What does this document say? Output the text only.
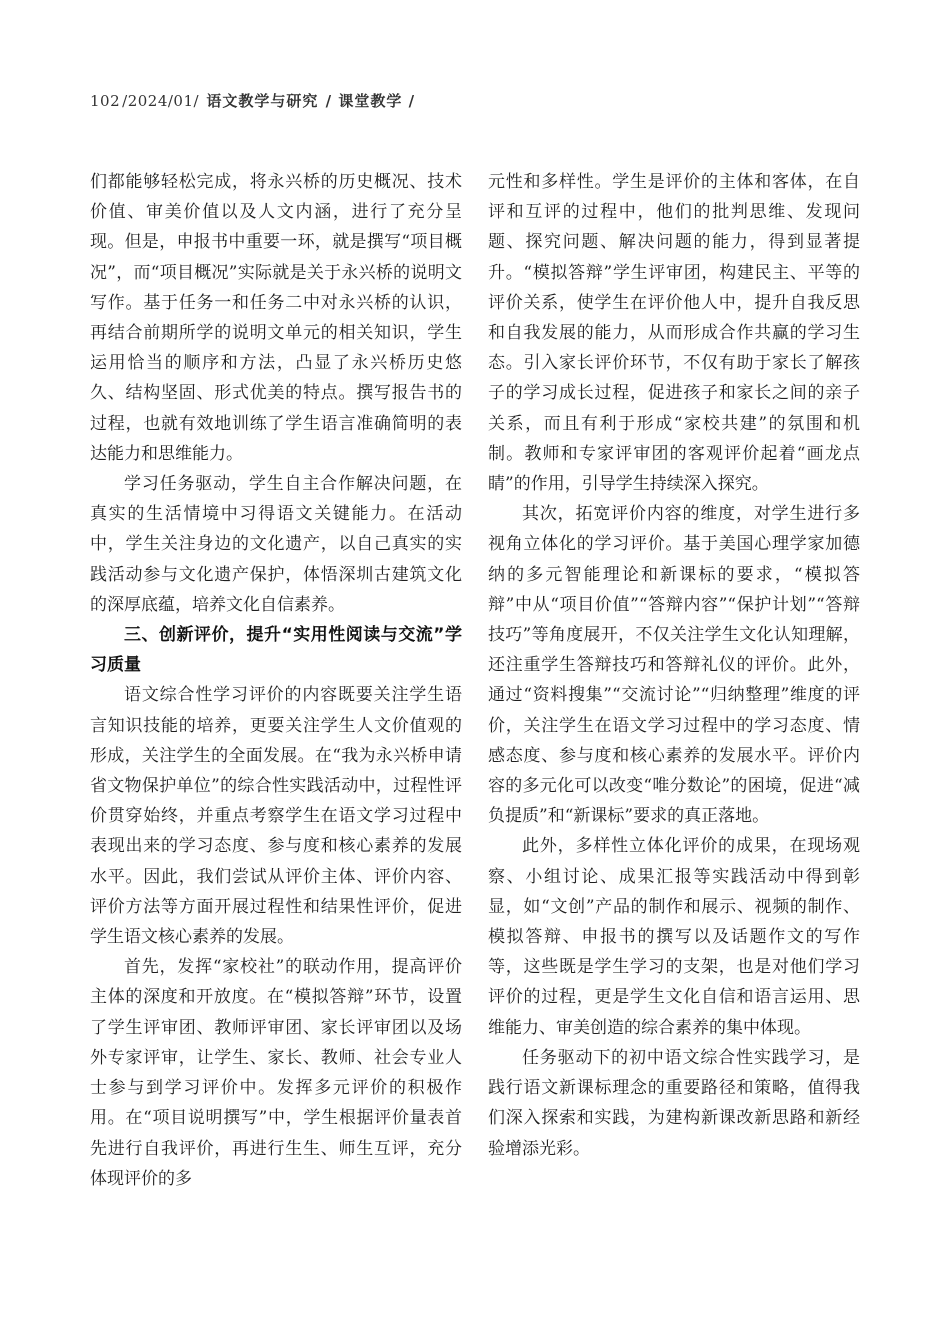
102 /2024/01/ 语文教学与研究 / 课堂教学 /

们都能够轻松完成，将永兴桥的历史概况、技术价值、审美价值以及人文内涵，进行了充分呈现。但是，申报书中重要一环，就是撰写“项目概况”，而“项目概况”实际就是关于永兴桥的说明文写作。基于任务一和任务二中对永兴桥的认识，再结合前期所学的说明文单元的相关知识，学生运用恰当的顺序和方法，凸显了永兴桥历史悠久、结构坚固、形式优美的特点。撰写报告书的过程，也就有效地训练了学生语言准确简明的表达能力和思维能力。

学习任务驱动，学生自主合作解决问题，在真实的生活情境中习得语文关键能力。在活动中，学生关注身边的文化遗产，以自己真实的实践活动参与文化遗产保护，体悟深圳古建筑文化的深厚底蕴，培养文化自信素养。

三、创新评价，提升“实用性阅读与交流”学习质量

语文综合性学习评价的内容既要关注学生语言知识技能的培养，更要关注学生人文价值观的形成，关注学生的全面发展。在“我为永兴桥申请省文物保护单位”的综合性实践活动中，过程性评价贯穿始终，并重点考察学生在语文学习过程中表现出来的学习态度、参与度和核心素养的发展水平。因此，我们尝试从评价主体、评价内容、评价方法等方面开展过程性和结果性评价，促进学生语文核心素养的发展。

首先，发挥“家校社”的联动作用，提高评价主体的深度和开放度。在“模拟答辩”环节，设置了学生评审团、教师评审团、家长评审团以及场外专家评审，让学生、家长、教师、社会专业人士参与到学习评价中。发挥多元评价的积极作用。在“项目说明撰写”中，学生根据评价量表首先进行自我评价，再进行生生、师生互评，充分体现评价的多

元性和多样性。学生是评价的主体和客体，在自评和互评的过程中，他们的批判思维、发现问题、探究问题、解决问题的能力，得到显著提升。“模拟答辩”学生评审团，构建民主、平等的评价关系，使学生在评价他人中，提升自我反思和自我发展的能力，从而形成合作共赢的学习生态。引入家长评价环节，不仅有助于家长了解孩子的学习成长过程，促进孩子和家长之间的亲子关系，而且有利于形成“家校共建”的氛围和机制。教师和专家评审团的客观评价起着“画龙点睛”的作用，引导学生持续深入探究。

其次，拓宽评价内容的维度，对学生进行多视角立体化的学习评价。基于美国心理学家加德纳的多元智能理论和新课标的要求，“模拟答辩”中从“项目价值”“答辩内容”“保护计划”“答辩技巧”等角度展开，不仅关注学生文化认知理解，还注重学生答辩技巧和答辩礼仪的评价。此外，通过“资料搜集”“交流讨论”“归纳整理”维度的评价，关注学生在语文学习过程中的学习态度、情感态度、参与度和核心素养的发展水平。评价内容的多元化可以改变“唯分数论”的困境，促进“减负提质”和“新课标”要求的真正落地。

此外，多样性立体化评价的成果，在现场观察、小组讨论、成果汇报等实践活动中得到彰显，如“文创”产品的制作和展示、视频的制作、模拟答辩、申报书的撰写以及话题作文的写作等，这些既是学生学习的支架，也是对他们学习评价的过程，更是学生文化自信和语言运用、思维能力、审美创造的综合素养的集中体现。

任务驱动下的初中语文综合性实践学习，是践行语文新课标理念的重要路径和策略，值得我们深入探索和实践，为建构新课改新思路和新经验增添光彩。
